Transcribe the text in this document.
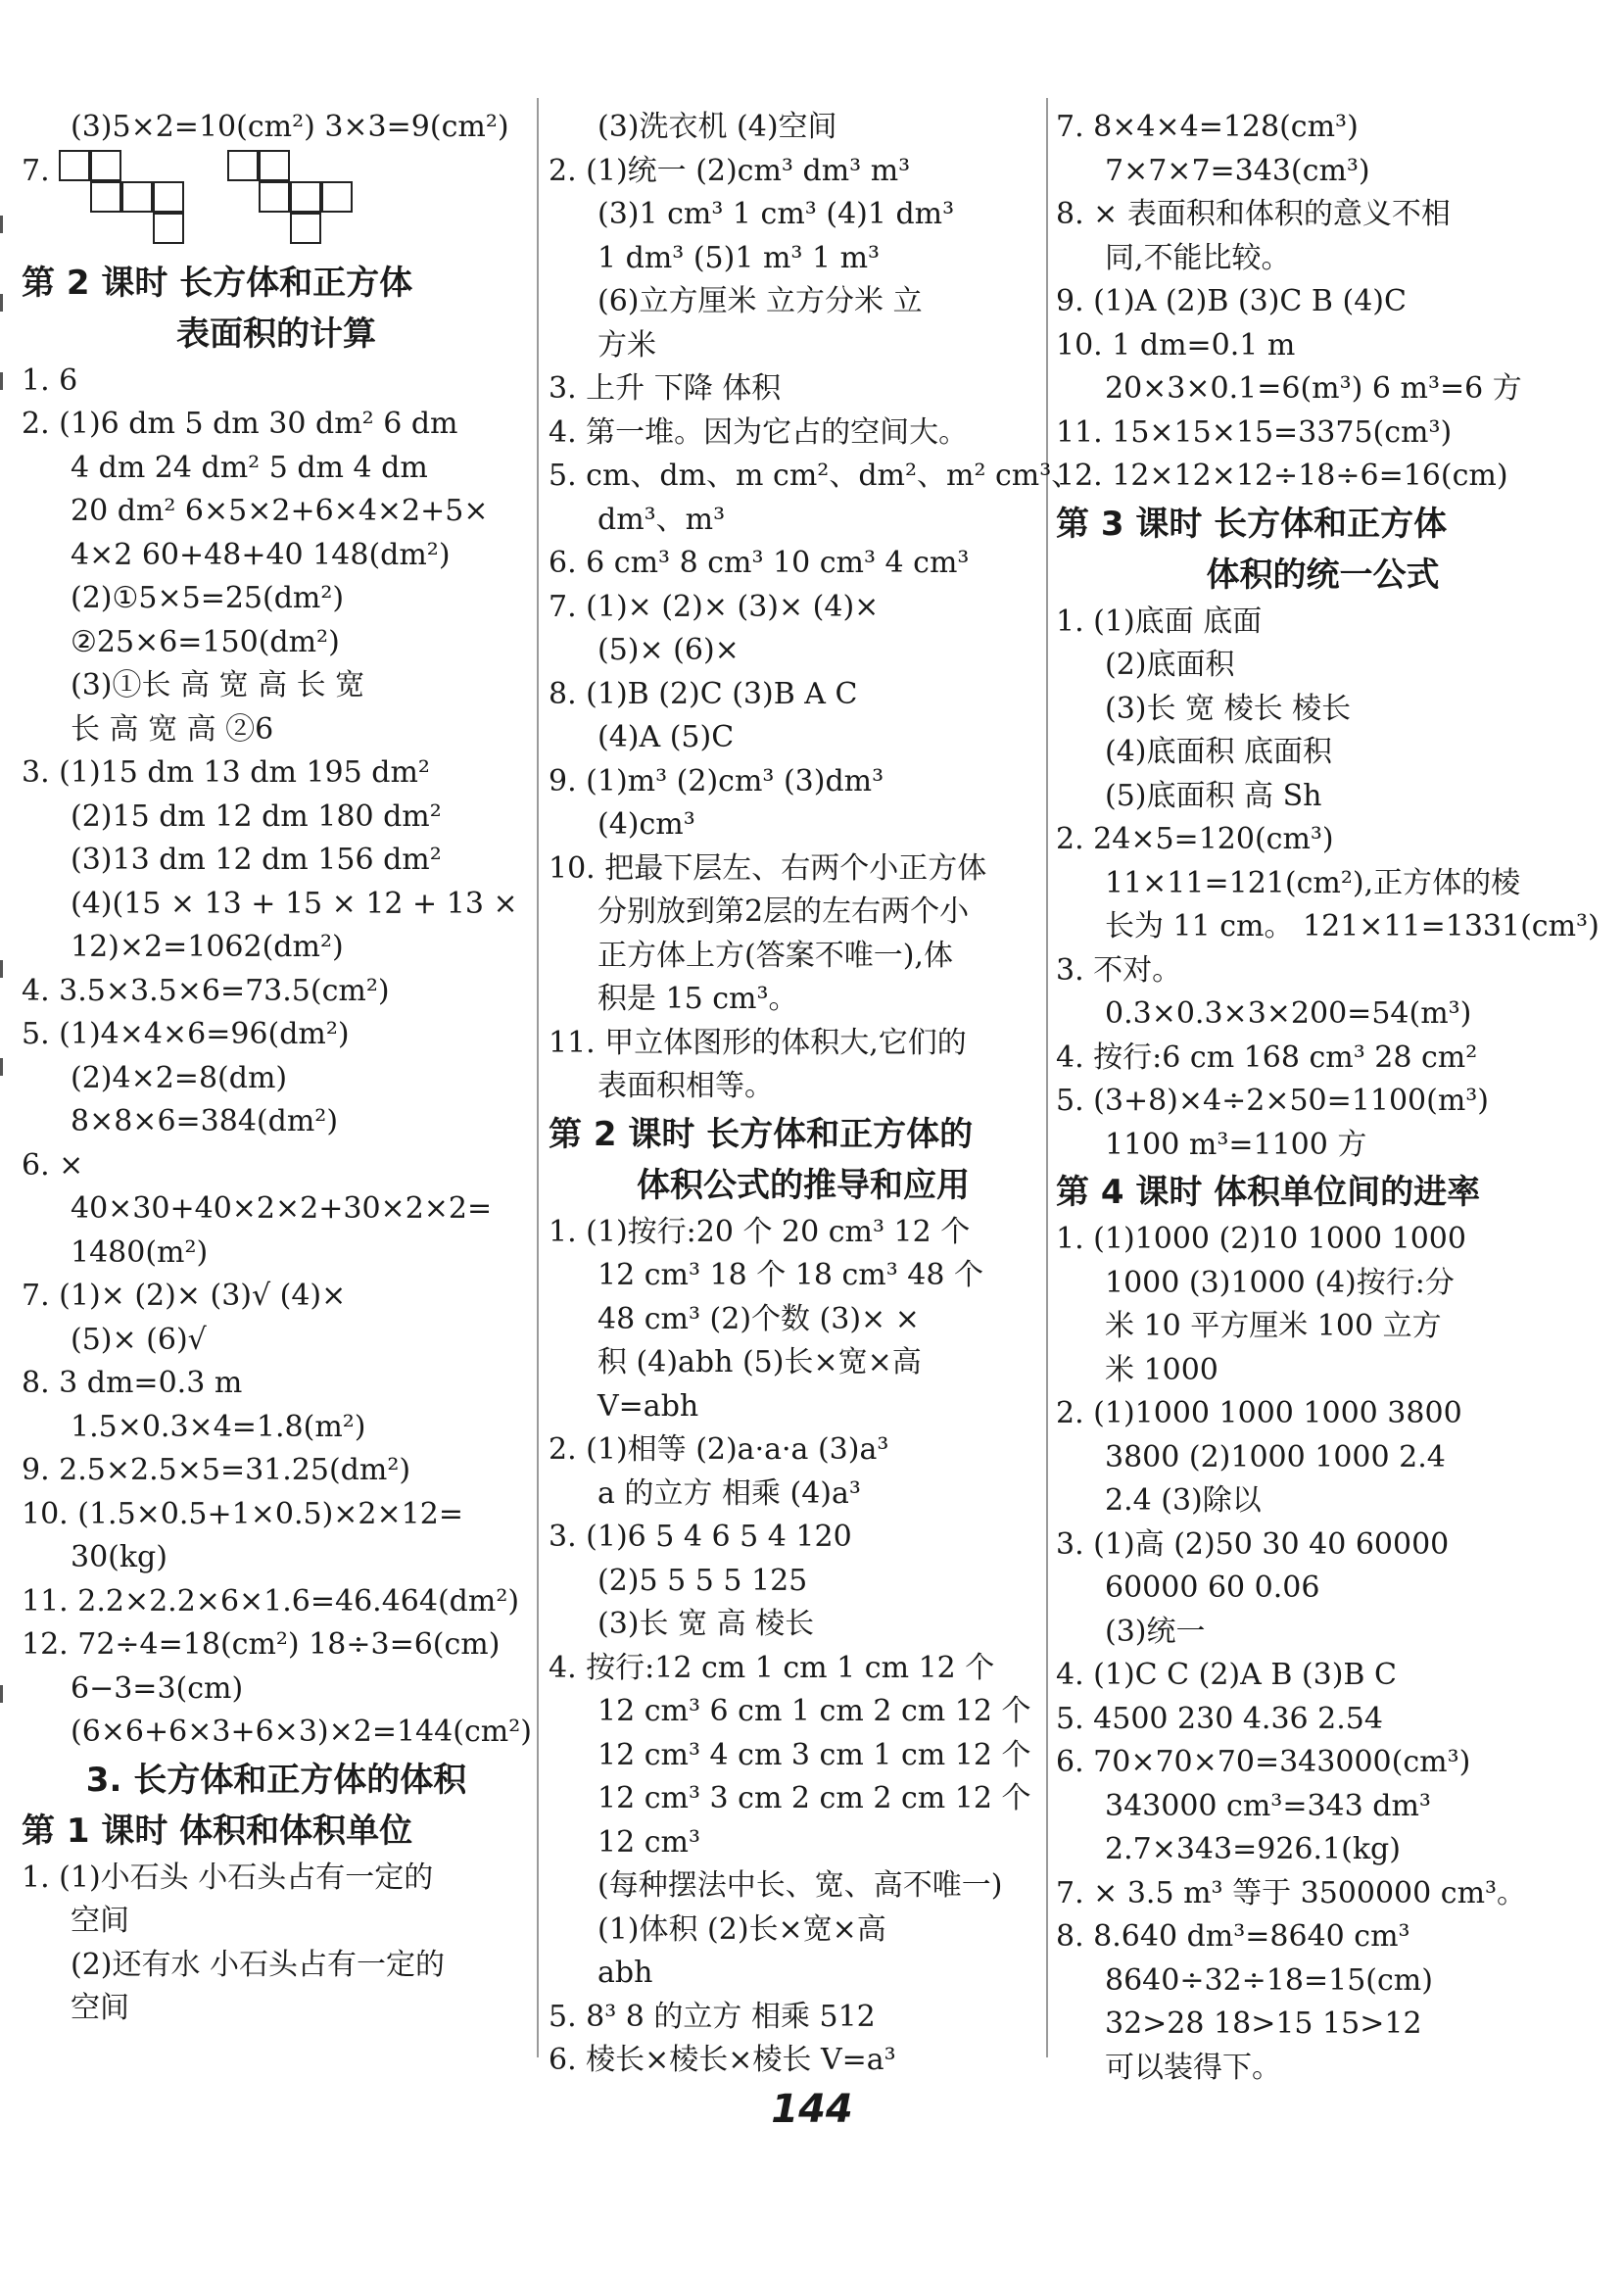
(3)5×2=10(cm²) 3×3=9(cm²)
7.
第 2 课时 长方体和正方体
表面积的计算
1. 6
2. (1)6 dm 5 dm 30 dm² 6 dm
4 dm 24 dm² 5 dm 4 dm
20 dm² 6×5×2+6×4×2+5×
4×2 60+48+40 148(dm²)
(2)①5×5=25(dm²)
②25×6=150(dm²)
(3)①长 高 宽 高 长 宽
长 高 宽 高 ②6
3. (1)15 dm 13 dm 195 dm²
(2)15 dm 12 dm 180 dm²
(3)13 dm 12 dm 156 dm²
(4)(15 × 13 + 15 × 12 + 13 ×
12)×2=1062(dm²)
4. 3.5×3.5×6=73.5(cm²)
5. (1)4×4×6=96(dm²)
(2)4×2=8(dm)
8×8×6=384(dm²)
6. ×
40×30+40×2×2+30×2×2=
1480(m²)
7. (1)× (2)× (3)√ (4)×
(5)× (6)√
8. 3 dm=0.3 m
1.5×0.3×4=1.8(m²)
9. 2.5×2.5×5=31.25(dm²)
10. (1.5×0.5+1×0.5)×2×12=
30(kg)
11. 2.2×2.2×6×1.6=46.464(dm²)
12. 72÷4=18(cm²) 18÷3=6(cm)
6−3=3(cm)
(6×6+6×3+6×3)×2=144(cm²)
3. 长方体和正方体的体积
第 1 课时 体积和体积单位
1. (1)小石头 小石头占有一定的
空间
(2)还有水 小石头占有一定的
空间
(3)洗衣机 (4)空间
2. (1)统一 (2)cm³ dm³ m³
(3)1 cm³ 1 cm³ (4)1 dm³
1 dm³ (5)1 m³ 1 m³
(6)立方厘米 立方分米 立
方米
3. 上升 下降 体积
4. 第一堆。因为它占的空间大。
5. cm、dm、m cm²、dm²、m² cm³、
dm³、m³
6. 6 cm³ 8 cm³ 10 cm³ 4 cm³
7. (1)× (2)× (3)× (4)×
(5)× (6)×
8. (1)B (2)C (3)B A C
(4)A (5)C
9. (1)m³ (2)cm³ (3)dm³
(4)cm³
10. 把最下层左、右两个小正方体
分别放到第2层的左右两个小
正方体上方(答案不唯一),体
积是 15 cm³。
11. 甲立体图形的体积大,它们的
表面积相等。
第 2 课时 长方体和正方体的
体积公式的推导和应用
1. (1)按行:20 个 20 cm³ 12 个
12 cm³ 18 个 18 cm³ 48 个
48 cm³ (2)个数 (3)× ×
积 (4)abh (5)长×宽×高
V=abh
2. (1)相等 (2)a·a·a (3)a³
a 的立方 相乘 (4)a³
3. (1)6 5 4 6 5 4 120
(2)5 5 5 5 125
(3)长 宽 高 棱长
4. 按行:12 cm 1 cm 1 cm 12 个
12 cm³ 6 cm 1 cm 2 cm 12 个
12 cm³ 4 cm 3 cm 1 cm 12 个
12 cm³ 3 cm 2 cm 2 cm 12 个
12 cm³
(每种摆法中长、宽、高不唯一)
(1)体积 (2)长×宽×高
abh
5. 8³ 8 的立方 相乘 512
6. 棱长×棱长×棱长 V=a³
7. 8×4×4=128(cm³)
7×7×7=343(cm³)
8. × 表面积和体积的意义不相
同,不能比较。
9. (1)A (2)B (3)C B (4)C
10. 1 dm=0.1 m
20×3×0.1=6(m³) 6 m³=6 方
11. 15×15×15=3375(cm³)
12. 12×12×12÷18÷6=16(cm)
第 3 课时 长方体和正方体
体积的统一公式
1. (1)底面 底面
(2)底面积
(3)长 宽 棱长 棱长
(4)底面积 底面积
(5)底面积 高 Sh
2. 24×5=120(cm³)
11×11=121(cm²),正方体的棱
长为 11 cm。 121×11=1331(cm³)
3. 不对。
0.3×0.3×3×200=54(m³)
4. 按行:6 cm 168 cm³ 28 cm²
5. (3+8)×4÷2×50=1100(m³)
1100 m³=1100 方
第 4 课时 体积单位间的进率
1. (1)1000 (2)10 1000 1000
1000 (3)1000 (4)按行:分
米 10 平方厘米 100 立方
米 1000
2. (1)1000 1000 1000 3800
3800 (2)1000 1000 2.4
2.4 (3)除以
3. (1)高 (2)50 30 40 60000
60000 60 0.06
(3)统一
4. (1)C C (2)A B (3)B C
5. 4500 230 4.36 2.54
6. 70×70×70=343000(cm³)
343000 cm³=343 dm³
2.7×343=926.1(kg)
7. × 3.5 m³ 等于 3500000 cm³。
8. 8.640 dm³=8640 cm³
8640÷32÷18=15(cm)
32>28 18>15 15>12
可以装得下。
144
